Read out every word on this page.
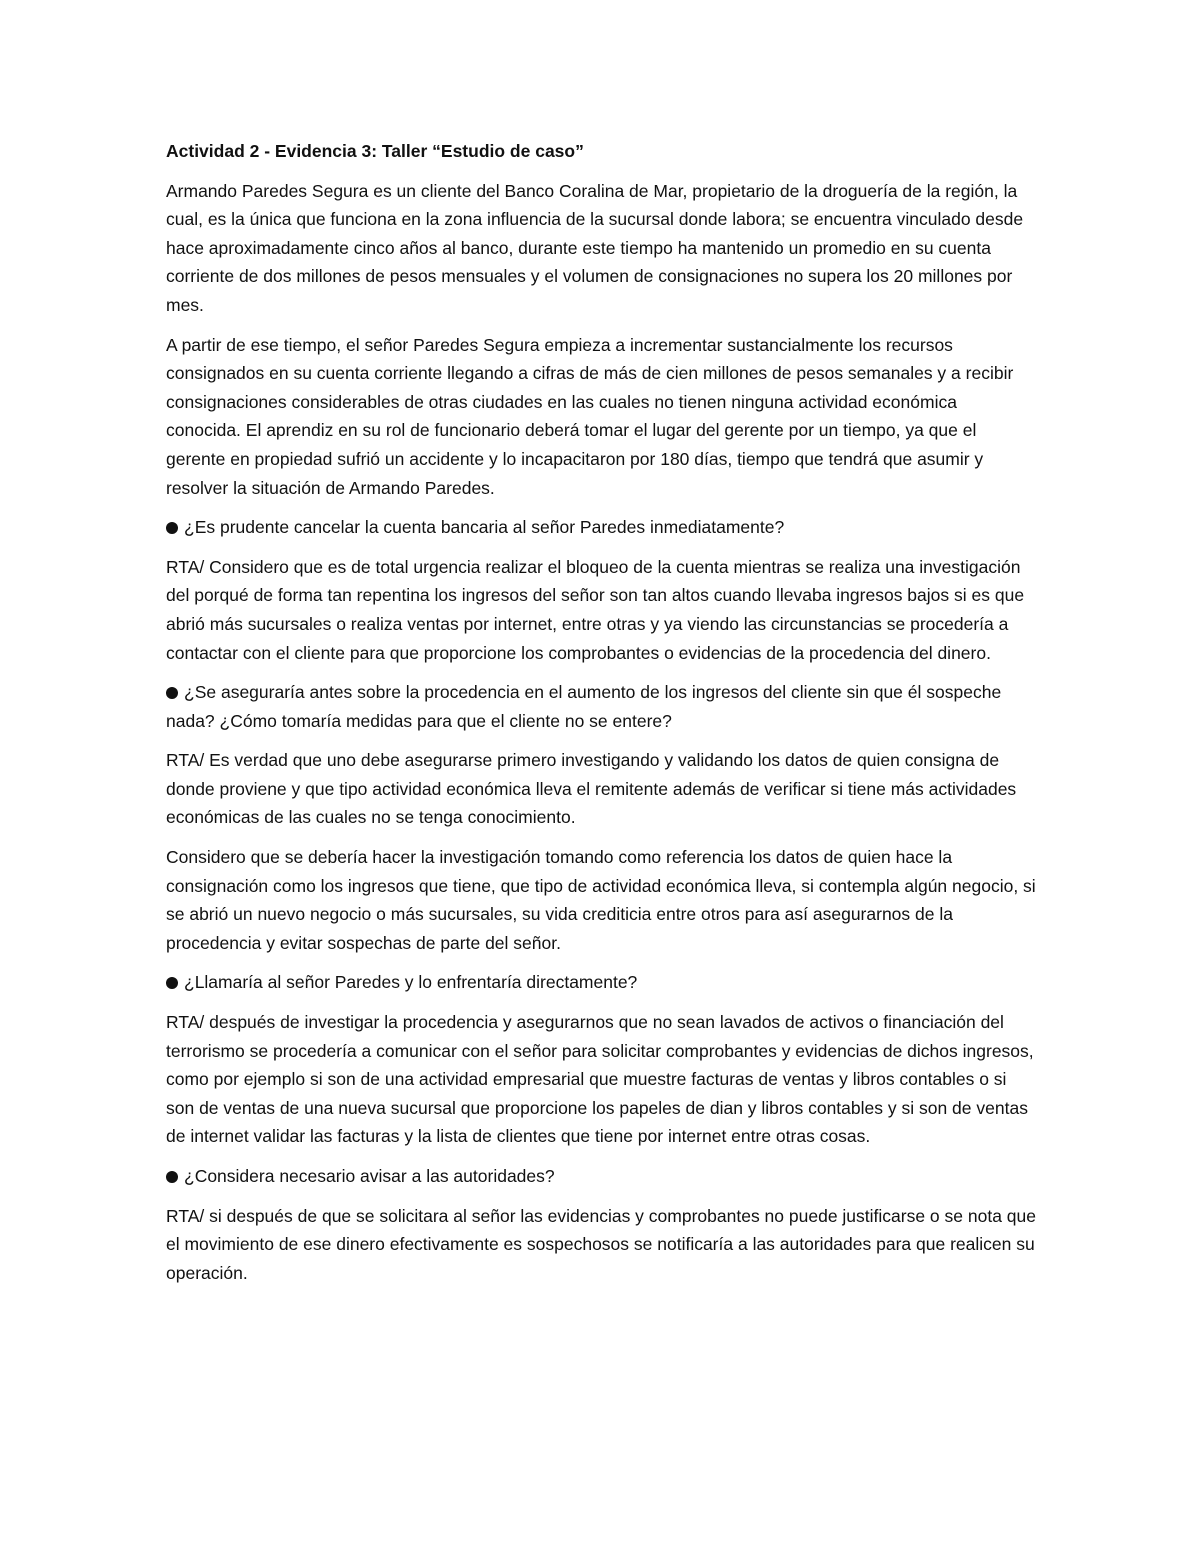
Actividad 2 - Evidencia 3: Taller “Estudio de caso”

Armando Paredes Segura es un cliente del Banco Coralina de Mar, propietario de la droguería de la región, la cual, es la única que funciona en la zona influencia de la sucursal donde labora; se encuentra vinculado desde hace aproximadamente cinco años al banco, durante este tiempo ha mantenido un promedio en su cuenta corriente de dos millones de pesos mensuales y el volumen de consignaciones no supera los 20 millones por mes.

A partir de ese tiempo, el señor Paredes Segura empieza a incrementar sustancialmente los recursos consignados en su cuenta corriente llegando a cifras de más de cien millones de pesos semanales y a recibir consignaciones considerables de otras ciudades en las cuales no tienen ninguna actividad económica conocida. El aprendiz en su rol de funcionario deberá tomar el lugar del gerente por un tiempo, ya que el gerente en propiedad sufrió un accidente y lo incapacitaron por 180 días, tiempo que tendrá que asumir y resolver la situación de Armando Paredes.

¿Es prudente cancelar la cuenta bancaria al señor Paredes inmediatamente?

RTA/ Considero que es de total urgencia realizar el bloqueo de la cuenta mientras se realiza una investigación del porqué de forma tan repentina los ingresos del señor son tan altos cuando llevaba ingresos bajos si es que abrió más sucursales o realiza ventas por internet, entre otras y ya viendo las circunstancias se procedería a contactar con el cliente para que proporcione los comprobantes o evidencias de la procedencia del dinero.

¿Se aseguraría antes sobre la procedencia en el aumento de los ingresos del cliente sin que él sospeche nada? ¿Cómo tomaría medidas para que el cliente no se entere?

RTA/ Es verdad que uno debe asegurarse primero investigando y validando los datos de quien consigna de donde proviene y que tipo actividad económica lleva el remitente además de verificar si tiene más actividades económicas de las cuales no se tenga conocimiento.

Considero que se debería hacer la investigación tomando como referencia los datos de quien hace la consignación como los ingresos que tiene, que tipo de actividad económica lleva, si contempla algún negocio, si se abrió un nuevo negocio o más sucursales, su vida crediticia entre otros para así asegurarnos de la procedencia y evitar sospechas de parte del señor.

¿Llamaría al señor Paredes y lo enfrentaría directamente?

RTA/ después de investigar la procedencia y asegurarnos que no sean lavados de activos o financiación del terrorismo se procedería a comunicar con el señor para solicitar comprobantes y evidencias de dichos ingresos, como por ejemplo si son de una actividad empresarial que muestre facturas de ventas y libros contables o si son de ventas de una nueva sucursal que proporcione los papeles de dian y libros contables y si son de ventas de internet validar las facturas y la lista de clientes que tiene por internet entre otras cosas.

¿Considera necesario avisar a las autoridades?

RTA/ si después de que se solicitara al señor las evidencias y comprobantes no puede justificarse o se nota que el movimiento de ese dinero efectivamente es sospechosos se notificaría a las autoridades para que realicen su operación.
